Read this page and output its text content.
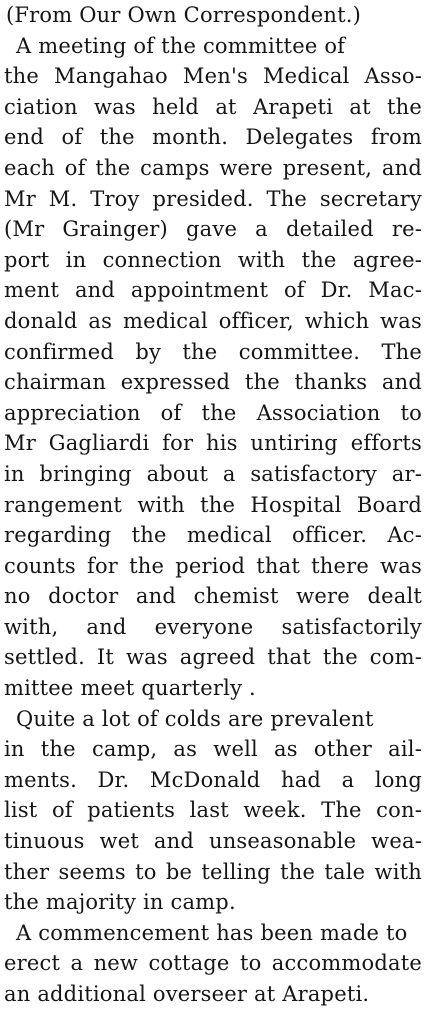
(From Our Own Correspondent.)
A meeting of the committee of
the Mangahao Men's Medical Asso-
ciation was held at Arapeti at the
end of the month. Delegates from
each of the camps were present, and
Mr M. Troy presided. The secretary
(Mr Grainger) gave a detailed re-
port in connection with the agree-
ment and appointment of Dr. Mac-
donald as medical officer, which was
confirmed by the committee. The
chairman expressed the thanks and
appreciation of the Association to
Mr Gagliardi for his untiring efforts
in bringing about a satisfactory ar-
rangement with the Hospital Board
regarding the medical officer. Ac-
counts for the period that there was
no doctor and chemist were dealt
with, and everyone satisfactorily
settled. It was agreed that the com-
mittee meet quarterly .
Quite a lot of colds are prevalent
in the camp, as well as other ail-
ments. Dr. McDonald had a long
list of patients last week. The con-
tinuous wet and unseasonable wea-
ther seems to be telling the tale with
the majority in camp.
A commencement has been made to
erect a new cottage to accommodate
an additional overseer at Arapeti.
